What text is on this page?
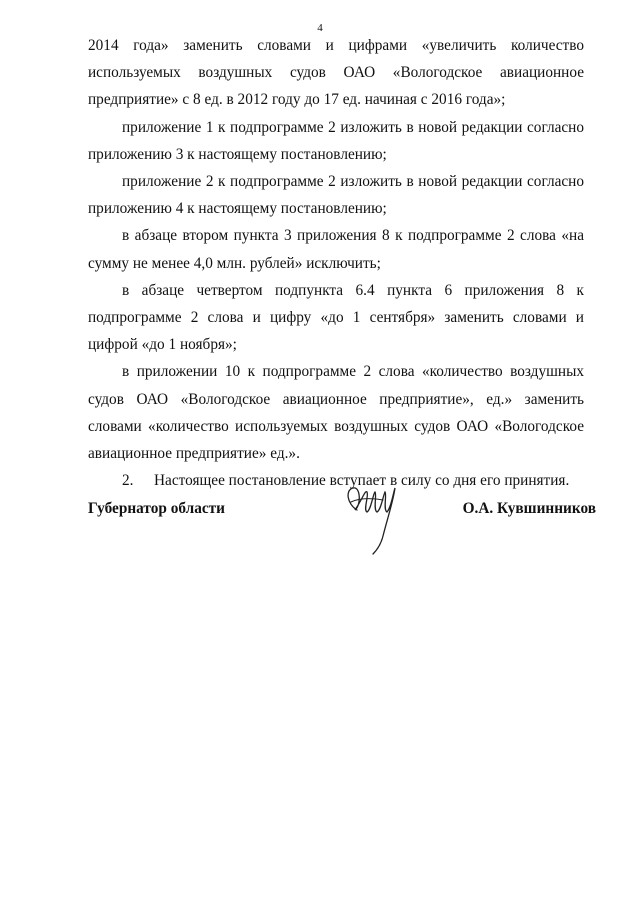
4

2014 года» заменить словами и цифрами «увеличить количество используемых воздушных судов ОАО «Вологодское авиационное предприятие» с 8 ед. в 2012 году до 17 ед. начиная с 2016 года»;

приложение 1 к подпрограмме 2 изложить в новой редакции согласно приложению 3 к настоящему постановлению;

приложение 2 к подпрограмме 2 изложить в новой редакции согласно приложению 4 к настоящему постановлению;

в абзаце втором пункта 3 приложения 8 к подпрограмме 2 слова «на сумму не менее 4,0 млн. рублей» исключить;

в абзаце четвертом подпункта 6.4 пункта 6 приложения 8 к подпрограмме 2 слова и цифру «до 1 сентября» заменить словами и цифрой «до 1 ноября»;

в приложении 10 к подпрограмме 2 слова «количество воздушных судов ОАО «Вологодское авиационное предприятие», ед.» заменить словами «количество используемых воздушных судов ОАО «Вологодское авиационное предприятие» ед.».

2. Настоящее постановление вступает в силу со дня его принятия.

Губернатор области	О.А. Кувшинников
